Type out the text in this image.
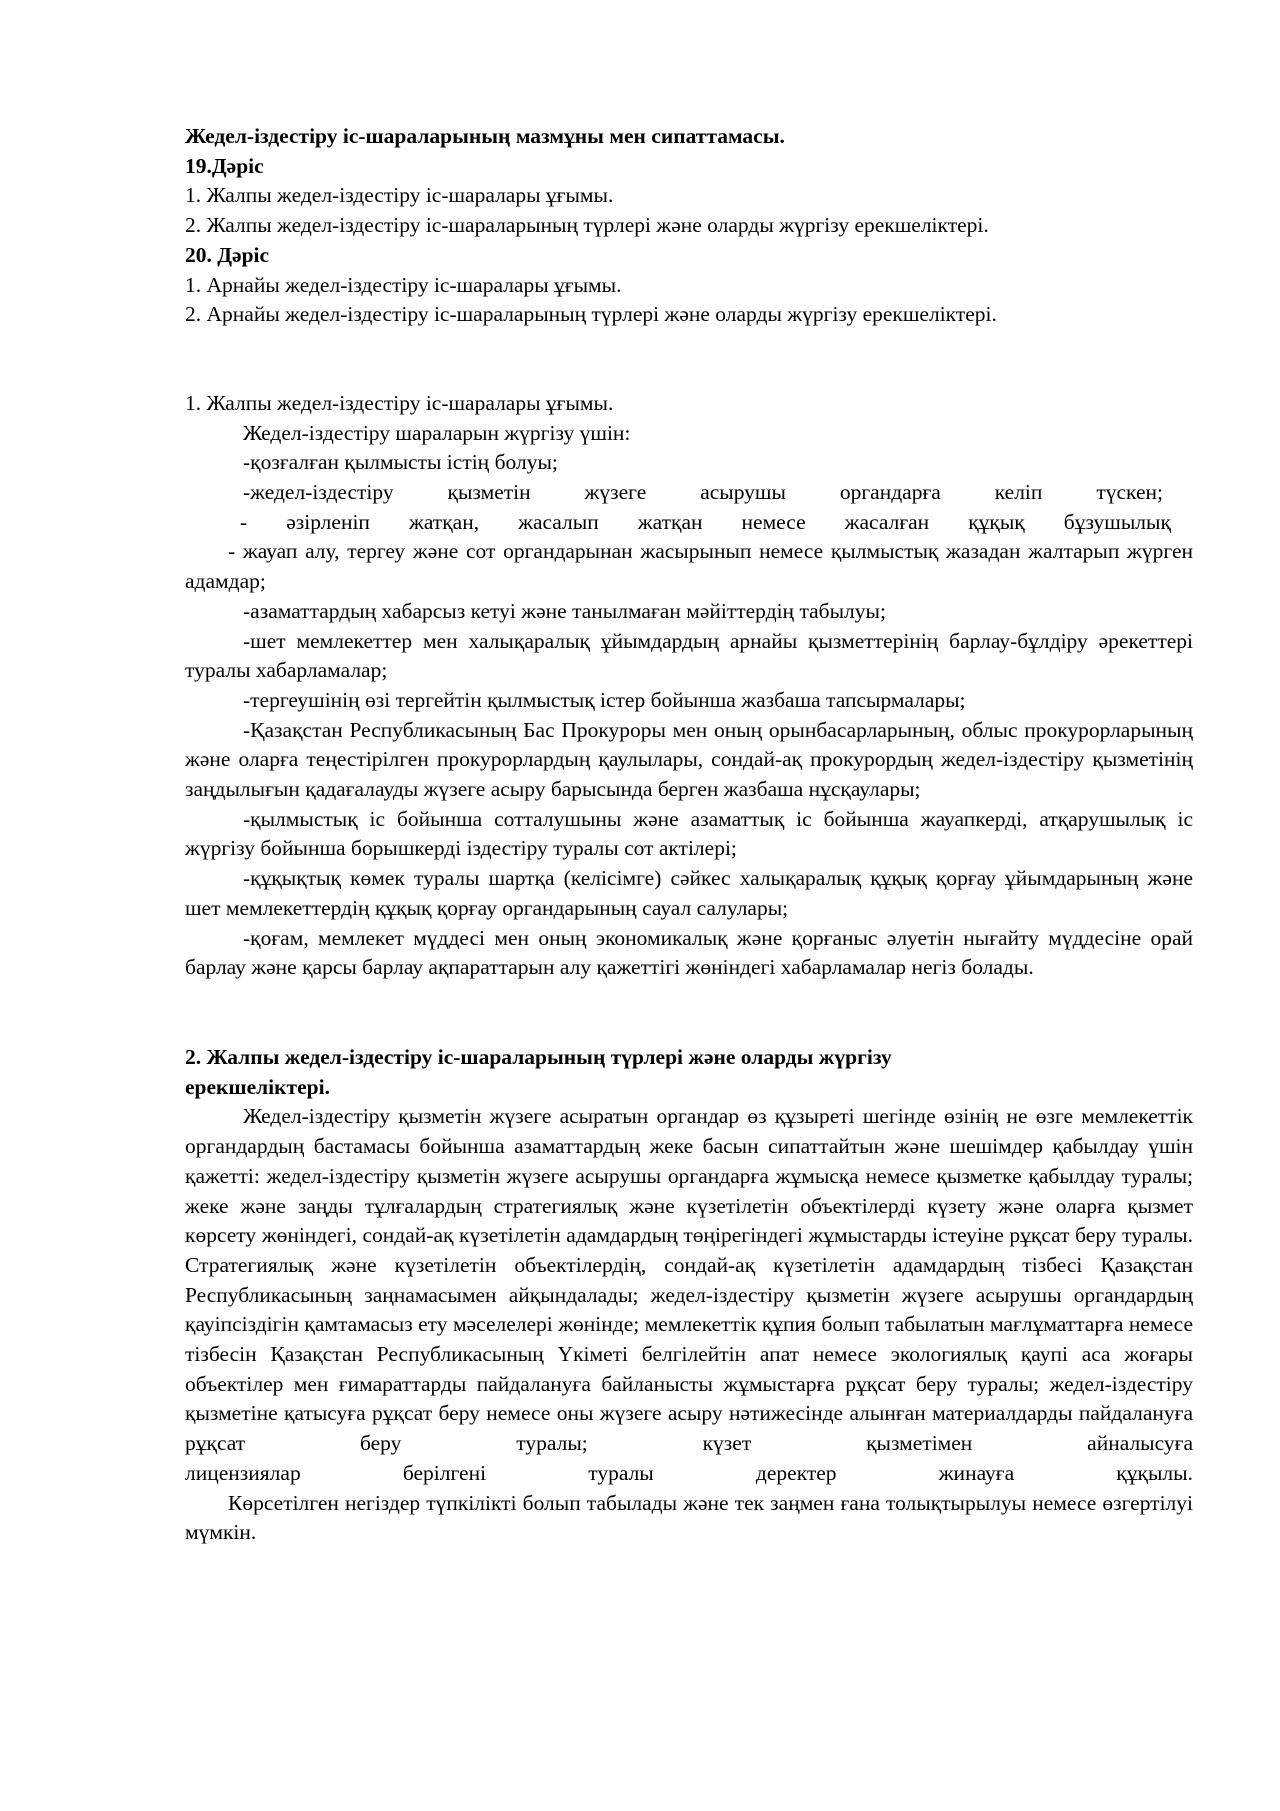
Жедел-іздестіру іс-шараларының мазмұны мен сипаттамасы.

19.Дәріс

1. Жалпы жедел-іздестіру іс-шаралары ұғымы.

2. Жалпы жедел-іздестіру іс-шараларының түрлері және оларды жүргізу ерекшеліктері.

20. Дәріс

1. Арнайы жедел-іздестіру іс-шаралары ұғымы.

2. Арнайы жедел-іздестіру іс-шараларының түрлері және оларды жүргізу ерекшеліктері.

1. Жалпы жедел-іздестіру іс-шаралары ұғымы.

Жедел-іздестіру шараларын жүргізу үшін:

-қозғалған қылмысты істің болуы;

-жедел-іздестіру	қызметін	жүзеге	асырушы	органдарға	келіп	түскен;
- әзірленіп жатқан, жасалып жатқан немесе жасалған құқық бұзушылық

- жауап алу, тергеу және сот органдарынан жасырынып немесе қылмыстық жазадан жалтарып жүрген адамдар;

-азаматтардың хабарсыз кетуі және танылмаған мәйіттердің табылуы;

-шет мемлекеттер мен халықаралық ұйымдардың арнайы қызметтерінің барлау-бұлдіру әрекеттері туралы хабарламалар;

-тергеушінің өзі тергейтін қылмыстық істер бойынша жазбаша тапсырмалары;

-Қазақстан Республикасының Бас Прокуроры мен оның орынбасарларының, облыс прокурорларының және оларға теңестірілген прокурорлардың қаулылары, сондай-ақ прокурордың жедел-іздестіру қызметінің заңдылығын қадағалауды жүзеге асыру барысында берген жазбаша нұсқаулары;

-қылмыстық іс бойынша сотталушыны және азаматтық іс бойынша жауапкерді, атқарушылық іс жүргізу бойынша борышкерді іздестіру туралы сот актілері;

-құқықтық көмек туралы шартқа (келісімге) сәйкес халықаралық құқық қорғау ұйымдарының және шет мемлекеттердің құқық қорғау органдарының сауал салулары;

-қоғам, мемлекет мүддесі мен оның экономикалық және қорғаныс әлуетін нығайту мүддесіне орай барлау және қарсы барлау ақпараттарын алу қажеттігі жөніндегі хабарламалар негіз болады.

2. Жалпы жедел-іздестіру іс-шараларының түрлері және оларды жүргізу

ерекшеліктері.

Жедел-іздестіру қызметін жүзеге асыратын органдар өз құзыреті шегінде өзінің не өзге мемлекеттік органдардың бастамасы бойынша азаматтардың жеке басын сипаттайтын және шешімдер қабылдау үшін қажетті: жедел-іздестіру қызметін жүзеге асырушы органдарға жұмысқа немесе қызметке қабылдау туралы; жеке және заңды тұлғалардың стратегиялық және күзетілетін объектілерді күзету және оларға қызмет көрсету жөніндегі, сондай-ақ күзетілетін адамдардың төңірегіндегі жұмыстарды істеуіне рұқсат беру туралы. Стратегиялық және күзетілетін объектілердің, сондай-ақ күзетілетін адамдардың тізбесі Қазақстан Республикасының заңнамасымен айқындалады; жедел-іздестіру қызметін жүзеге асырушы органдардың қауіпсіздігін қамтамасыз ету мәселелері жөнінде; мемлекеттік құпия болып табылатын мағлұматтарға немесе тізбесін Қазақстан Республикасының Үкіметі белгілейтін апат немесе экологиялық қаупі аса жоғары объектілер мен ғимараттарды пайдалануға байланысты жұмыстарға рұқсат беру туралы; жедел-іздестіру қызметіне қатысуға рұқсат беру немесе оны жүзеге асыру нәтижесінде алынған материалдарды пайдалануға рұқсат беру туралы; күзет қызметімен айналысуға

лицензиялар	берілгені	туралы	деректер	жинауға	құқылы.

Көрсетілген негіздер түпкілікті болып табылады және тек заңмен ғана толықтырылуы немесе өзгертілуі мүмкін.
